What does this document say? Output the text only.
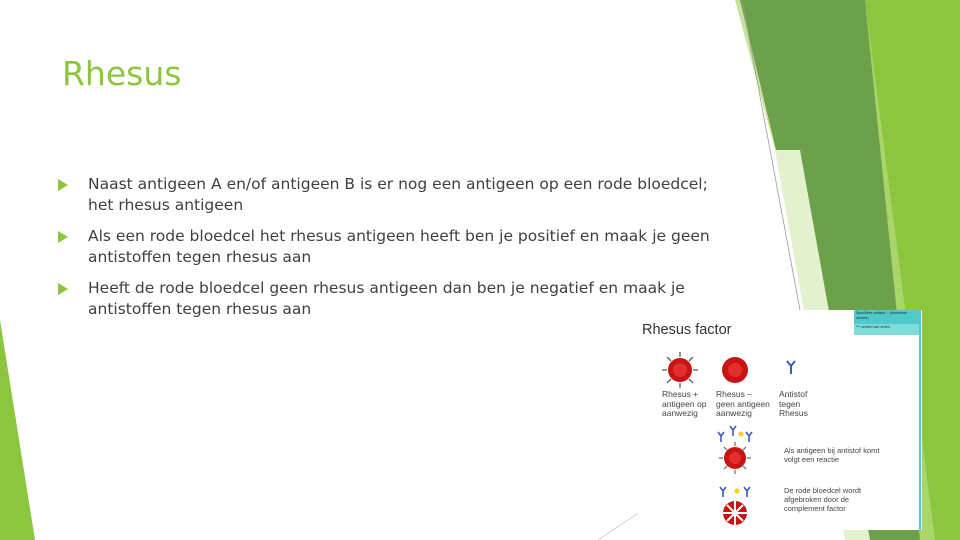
Rhesus
Naast antigeen A en/of antigeen B is er nog een antigeen op een rode bloedcel; het rhesus antigeen
Als een rode bloedcel het rhesus antigeen heeft ben je positief en maak je geen antistoffen tegen rhesus aan
Heeft de rode bloedcel geen rhesus antigeen dan ben je negatief en maak je antistoffen tegen rhesus aan
Rhesus factor
Specifieke antistof ... (binnenste randen)
*** celdeel van cellen
Rhesus +
antigeen op
aanwezig
Rhesus –
geen antigeen
aanwezig
Antistof
tegen
Rhesus
Als antigeen bij antistof komt
volgt een reactie
De rode bloedcel wordt
afgebroken door de
complement factor
